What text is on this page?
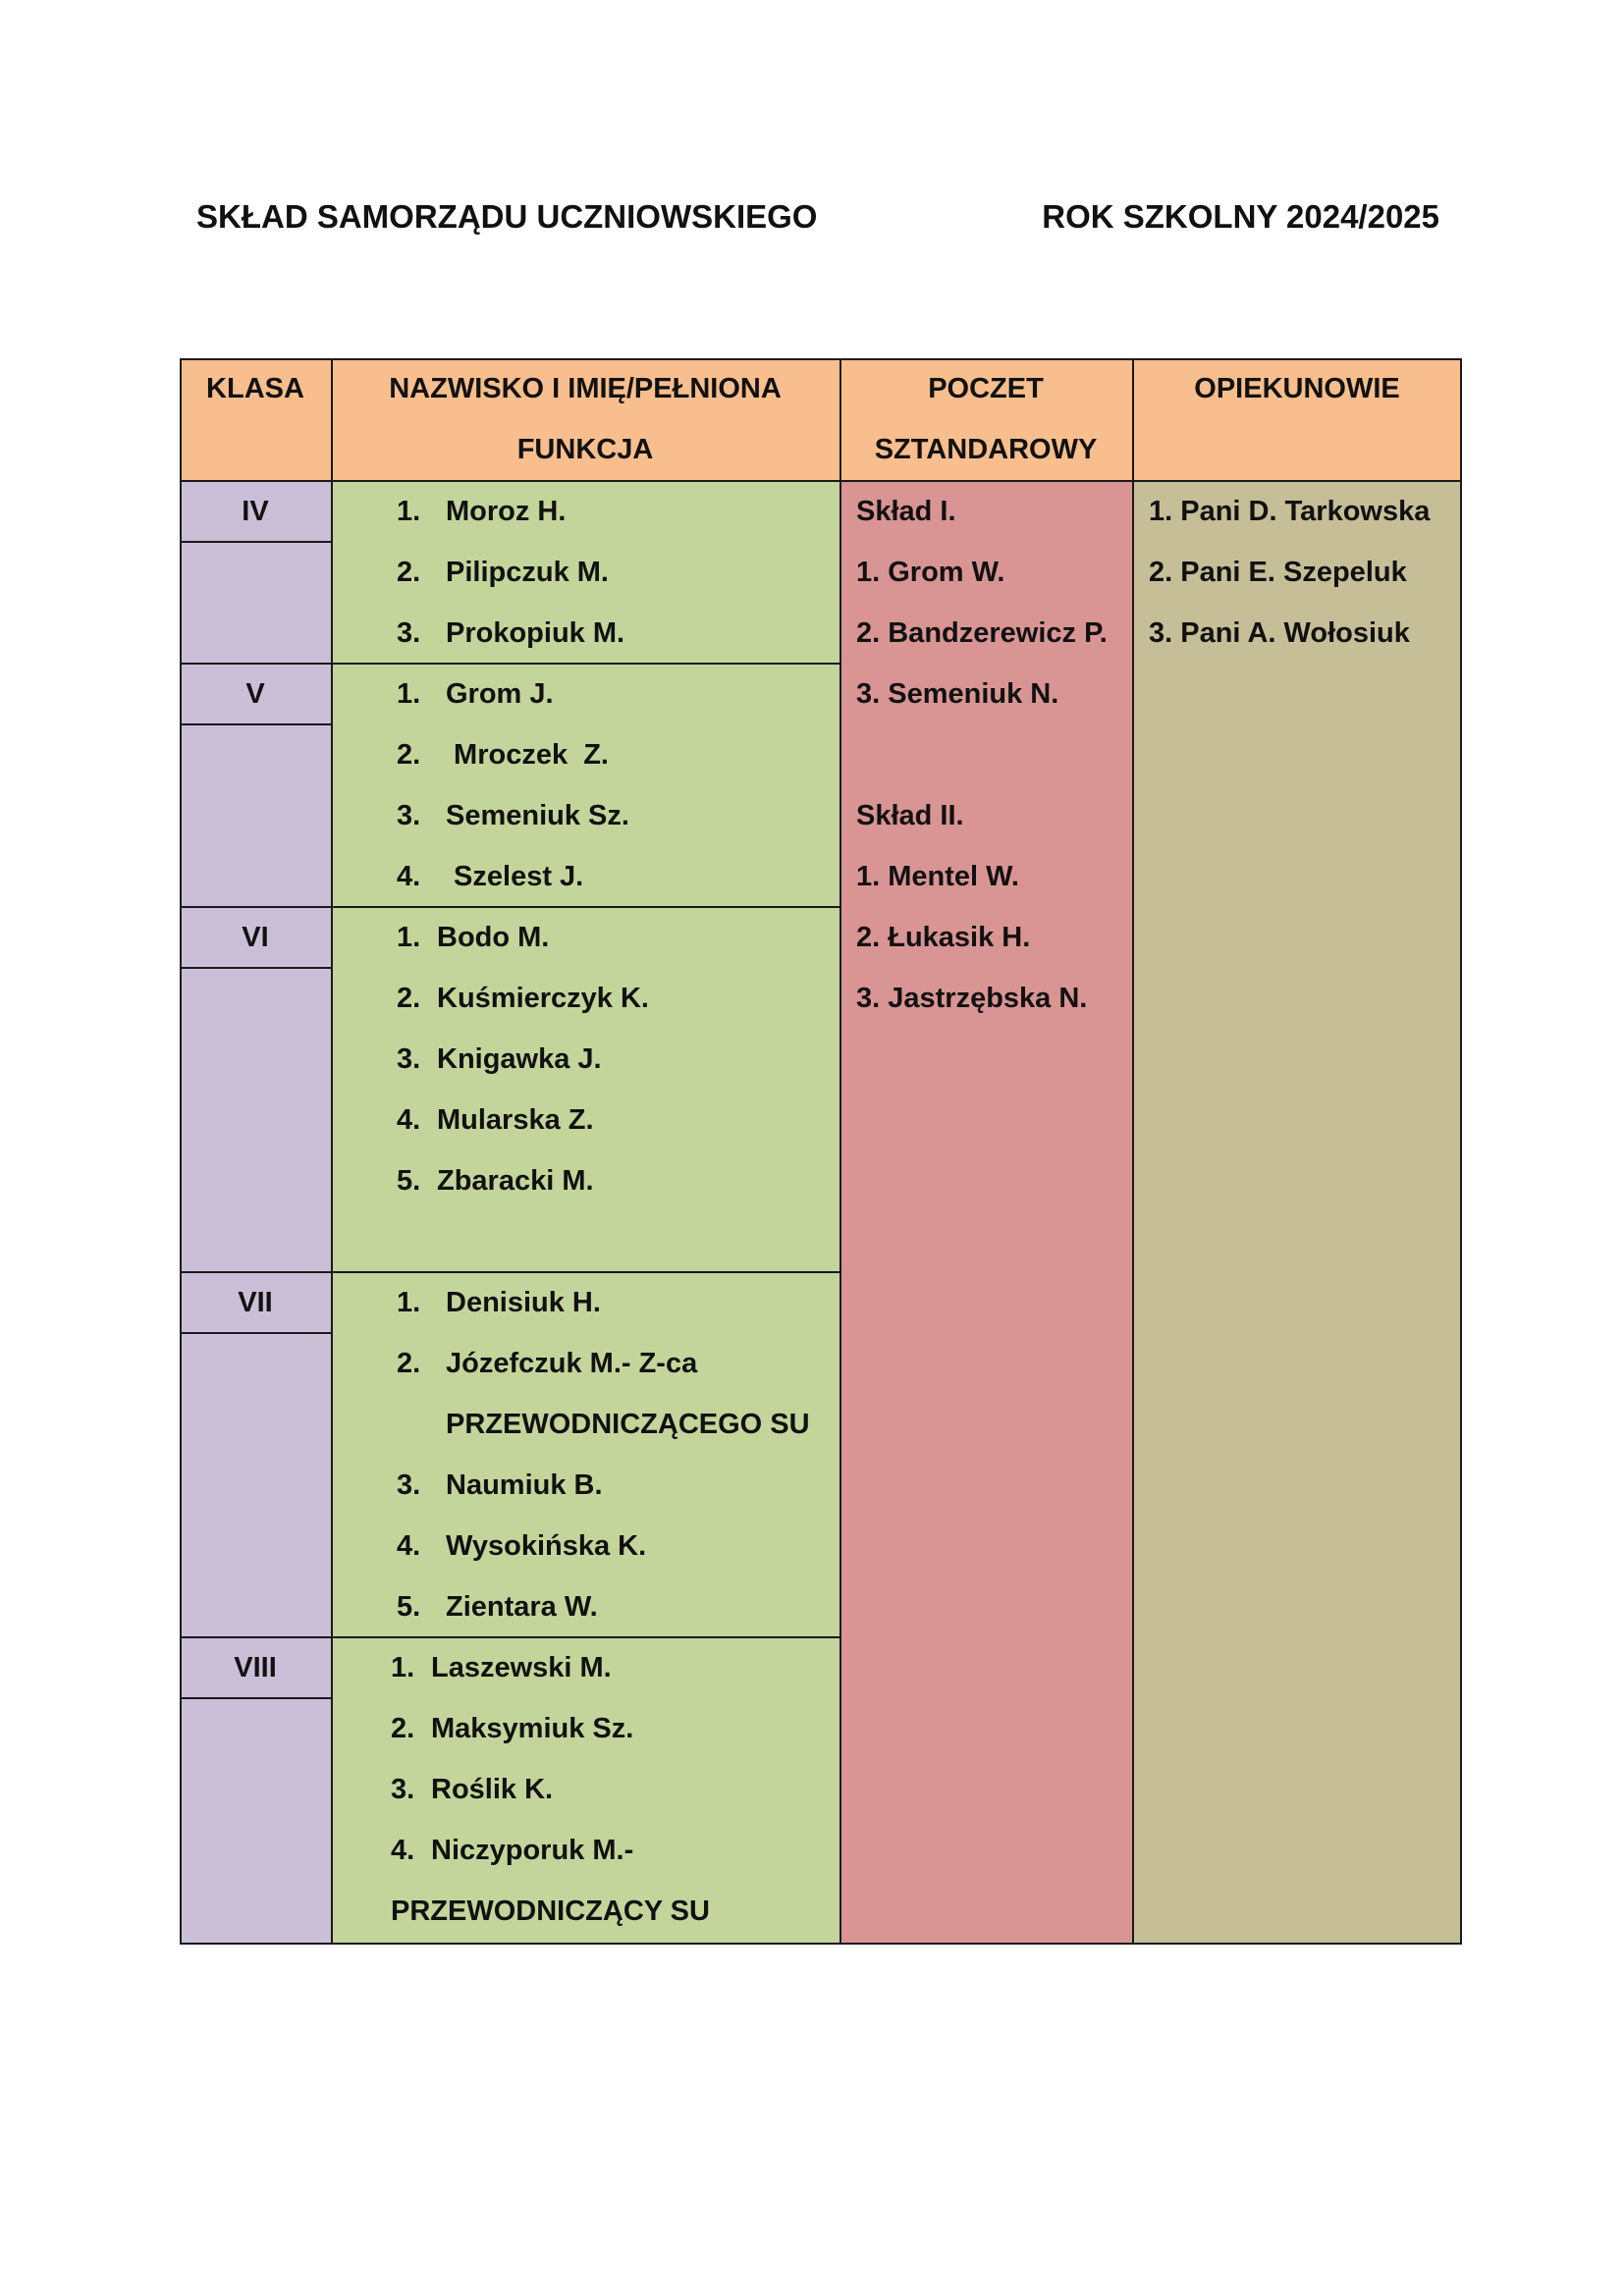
SKŁAD SAMORZĄDU UCZNIOWSKIEGO	ROK SZKOLNY 2024/2025
KLASA	NAZWISKO I IMIĘ/PEŁNIONA
FUNKCJA
POCZET
SZTANDAROWY
OPIEKUNOWIE
IV
V
VI
VII
VIII
1. Moroz H.
2. Pilipczuk M.
3. Prokopiuk M.
1. Grom J.
2. Mroczek  Z.
3. Semeniuk Sz.
4. Szelest J.
1. Bodo M.
2. Kuśmierczyk K.
3. Knigawka J.
4. Mularska Z.
5. Zbaracki M.
1. Denisiuk H.
2. Józefczuk M.- Z-ca
PRZEWODNICZĄCEGO SU
3. Naumiuk B.
4. Wysokińska K.
5. Zientara W.
1. Laszewski M.
2. Maksymiuk Sz.
3. Roślik K.
4. Niczyporuk M.-
PRZEWODNICZĄCY SU
Skład I.
1. Grom W.
2. Bandzerewicz P.
3. Semeniuk N.
Skład II.
1. Mentel W.
2. Łukasik H.
3. Jastrzębska N.
1. Pani D. Tarkowska
2. Pani E. Szepeluk
3. Pani A. Wołosiuk
